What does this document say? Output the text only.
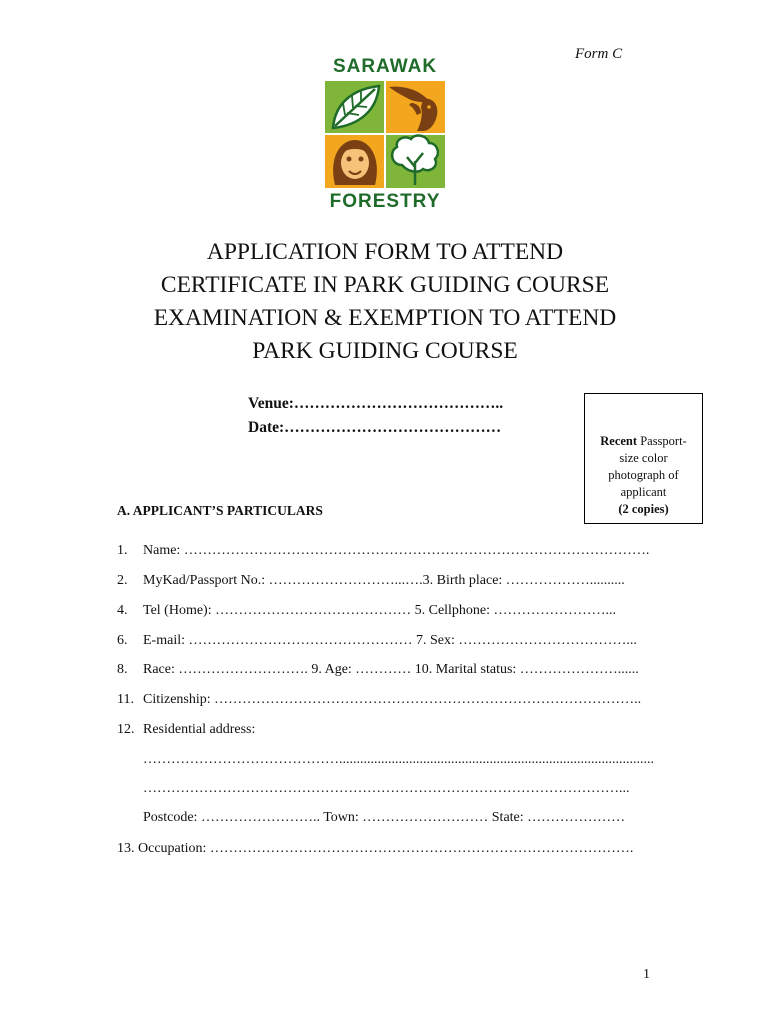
Form C
SARAWAK
FORESTRY
APPLICATION FORM TO ATTEND
CERTIFICATE IN PARK GUIDING COURSE
EXAMINATION & EXEMPTION TO ATTEND
PARK GUIDING COURSE
Venue:…………………………………..
Date:……………………………………
Recent Passport-
size color
photograph of
applicant
(2 copies)
A. APPLICANT’S PARTICULARS
1. Name: ……………………………………………………………………………………….
2. MyKad/Passport No.: ………………………...….3. Birth place: ………………..........
4. Tel (Home): …………………………………… 5. Cellphone: ……………………...
6. E-mail: ………………………………………… 7. Sex: ………………………………...
8. Race: ………………………. 9. Age: ………… 10. Marital status: …………………......
11. Citizenship: ………………………………………………………………………………..
12. Residential address:
……………………………………..........................................................................................
…………………………………………………………………………………………...
Postcode: …………………….. Town: ……………………… State: …………………
13. Occupation: ……………………………………………………………………………….
1
